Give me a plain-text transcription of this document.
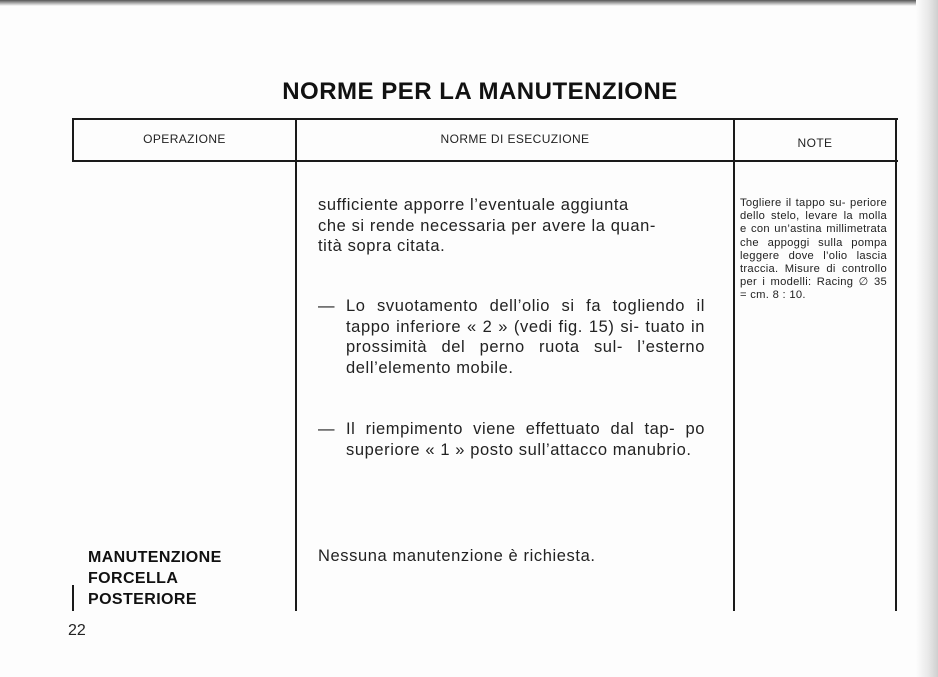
NORME PER LA MANUTENZIONE
OPERAZIONE	NORME DI ESECUZIONE	NOTE
sufficiente apporre l’eventuale aggiunta
che si rende necessaria per avere la quan-
tità sopra citata.
— Lo svuotamento dell’olio si fa togliendo il tappo inferiore « 2 » (vedi fig. 15) si- tuato in prossimità del perno ruota sul- l’esterno dell’elemento mobile.
— Il riempimento viene effettuato dal tap- po superiore « 1 » posto sull’attacco manubrio.
Togliere il tappo su- periore dello stelo, levare la molla e con un’astina millimetrata che appoggi sulla pompa leggere dove l’olio lascia traccia. Misure di controllo per i modelli: Racing ∅ 35 = cm. 8 : 10.
MANUTENZIONE
FORCELLA
POSTERIORE
Nessuna manutenzione è richiesta.
22
